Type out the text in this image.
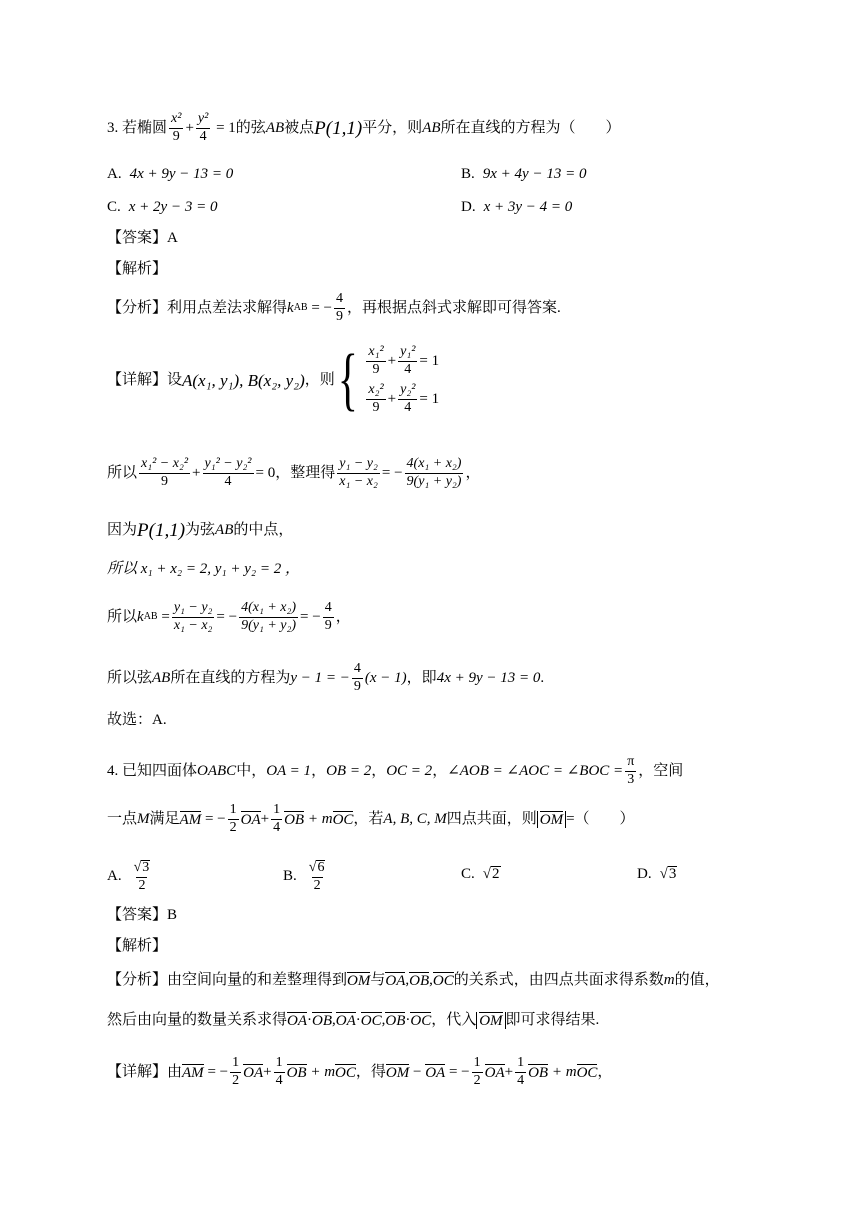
3. 若椭圆 $\frac{\text{x²}}{9} + \frac{\text{y²}}{4} = 1$ 的弦 AB 被点 P(1,1) 平分，则 AB 所在直线的方程为（　　）
A. 4x + 9y − 13 = 0	B. 9x + 4y − 13 = 0
C. x + 2y − 3 = 0	D. x + 3y − 4 = 0
【答案】A
【解析】
【分析】利用点差法求解得 k AB
= − $\frac{4}{9}$ ，再根据点斜式求解即可得答案.
【详解】设 A(x₁, y₁), B(x₂, y₂) ，则 { $\frac{\text{x₁²}}{9} + \frac{\text{y₁²}}{4} = 1$
$\frac{\text{x₂²}}{9} + \frac{\text{y₂²}}{4} = 1$
所以 $\frac{\text{x₁² − x₂²}}{9} + \frac{\text{y₁² − y₂²}}{4} = 0$ ，整理得 $\frac{\text{y₁ − y₂}}{\text{x₁ − x₂}}$ = − $\frac{\text{4(x₁ + x₂)}}{\text{9(y₁ + y₂)}}$ ，
因为 P(1,1) 为弦 AB 的中点，
所以 x₁ + x₂ = 2, y₁ + y₂ = 2 ，
所以 k AB = $\frac{\text{y₁ − y₂}}{\text{x₁ − x₂}}$ = − $\frac{\text{4(x₁ + x₂)}}{\text{9(y₁ + y₂)}}$ = − $\frac{4}{9}$ ，
所以弦 AB 所在直线的方程为 y − 1 = − $\frac{4}{9} (x - 1)$ ，即 4x + 9y − 13 = 0 .
故选：A.
4. 已知四面体 OABC 中， OA = 1 ， OB = 2 ， OC = 2 ， ∠AOB = ∠AOC = ∠BOC = $\frac{\pi}{3}$ ，空间
一点 M 满足 AM
= − $\frac{1}{2}$ OA + $\frac{1}{4}$ OB
+ m OC ，若 A, B, C, M 四点共面，则 OM =（　　）
A. $\frac{√ 3}{2}$	B. $\frac{√ 6}{2}$	C. √ 2	D. √ 3
【答案】B
【解析】
【分析】由空间向量的和差整理得到 OM 与 OA , OB , OC 的关系式，由四点共面求得系数 m 的值，
然后由向量的数量关系求得 OA · OB , OA · OC , OB · OC ，代入 OM 即可求得结果.
【详解】由 AM
= − $\frac{1}{2}$ OA + $\frac{1}{4}$ OB
+ m OC ，得 OM
−
OA
= − $\frac{1}{2}$ OA + $\frac{1}{4}$ OB
+ m OC ，
